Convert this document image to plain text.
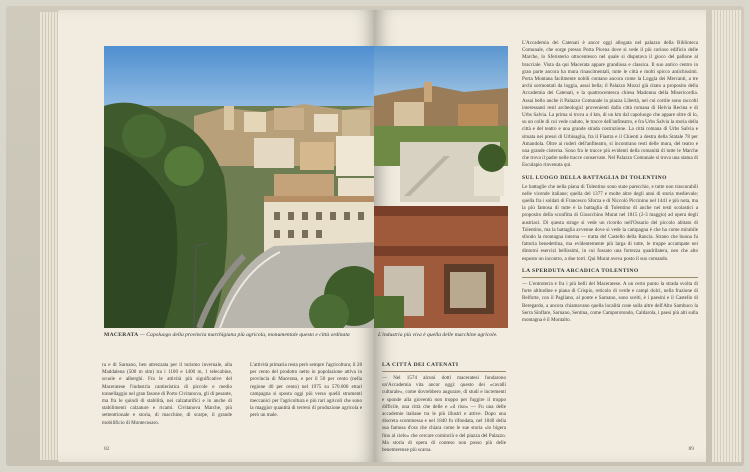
MACERATA — Capoluogo della provincia marchigiana più agricola, monumentale questo e città ordinata

ra e di Sarnano, ben attrezzata per il turismo invernale, alla Maddalena (500 m slm) tra i 1100 e 1400 m, 1 telecabine, scuole e alberghi. Fra le attività più significative del Maceratese l'industria cantieristica di piccole e medio tonnellaggio nel gran fasone di Porto Civitanova, gli di pesante, ma fra le quindi di stabilità, nei calzaturifici e in anche di stabilimenti calzature e ricami. Civitanova Marche, più settentrionale e storia, di macchine, di scarpe, il grande mobilificio di Montecosaro.

L'attività primaria resta però sempre l'agricoltura; il 28 per cento del prodotto netto in popolazione attiva in provincia di Macerata, e per il 50 per cento (nella regione 40 per cento) nel 1975 su 570.000 ettari campagna si sposta oggi più verso quelli strumenti meccanici per l'agricoltura e più rari agricoli che sono la maggior quantità di terreni di produzione agricola e però un male.

82
L'industria più viva è quella delle macchine agricole.
LA CITTÀ DEI CATENATI

— Nel 1574 alcuni dotti maceratesi fondarono un'Accademia vita ancor oggi: questo dei «cavalli culturale», come dovrebbero augurare, di studi e incrementi e sponde alla gioventù non troppo per fuggire il troppo difficile, una città che delle e «il riso» — Fu una delle accademie italiane tra le più illustri e attive. Dopo una discreta scommessa e nel 1840 fu rifondata, nel 1840 della sua famosa d'ora che chiara come le sue storia «lo bigera fino al cielo» che cercare cominciò e del piazza del Palazzo. Ma storia di opera di conteso non posso più delle benemerenze più scarsa.

L'Accademia dei Catenati è ancor oggi allogata nel palazzo della Biblioteca Comunale, che sorge presso Porta Picena dove si vede il più curioso edificio delle Marche, lo Sferisterio ottocentesco nel quale si disputava il gioco del pallone al bracciale. Vista da qui Macerata appare grandiosa e classica. Il suo antico centro in gran parte ancora ha mura rinascimentali, tutte le città e molti spicco antichissimi. Porta Montana facilmente nobili contano ancora come la Loggia dei Mercanti, a tre archi sormontati da loggia, assai bella; il Palazzo Mozzi già citato a proposito della Accademia dei Catenati, e la quattrocentesca chiesa Madonna della Misericordia. Assai bello anche il Palazzo Comunale in piazza Libertà, nel cui cortile sono raccolti interessanti resti archeologici provenienti dalla città romana di Helvia Recina e di Urbs Salvia. La prima si trova a 4 km, di un km dal capoluogo che appare oltre di lo, su un colle di cui vede caduto, le tracce dell'anfiteatro, e fra Urbs Salvia la storia della città e del teatro e una grande strada costruzione. La città romana di Urbs Salvia e situata nei pressi di Urbisaglia, fra il Fiastra e il Chienti a destra della Statale 78 per Amandola. Oltre ai ruderi dell'anfiteatro, si incontrano resti delle mura, del teatro e una grande cisterna. Sono fra le tracce più evidenti della romanità di tutte le Marche che trova il padre nelle tracce conservate. Nel Palazzo Comunale si trova una statua di Esculapio rinvenuta qui.

SUL LUOGO DELLA BATTAGLIA DI TOLENTINO

Le battaglie che nella piana di Tolentino sono state parecchie, e tutte non trascurabili nelle vicende italiane; quella del 1377 e molte altre degli anni di storia medievale; quella fra i soldati di Francesco Sforza e di Niccolò Piccinino nel 1441 e più nota, ma la più famosa di tutte è la battaglia di Tolentino di anche nei testi scolastici a proposito della sconfitta di Gioacchino Murat nel 1815 (2-3 maggio) ad opera degli austriaci. Di questa strage si vede un ricordo nell'Ossario del piccolo abitato di Tolentino, ma la battaglia avvenne dove si vede la campagna è che ha come mirabile sfondo la montagna interna — tratta del Castello della Rancia. Strano che buona fu fattoria benedettina, ma evidentemente più larga di tutte, le truppe accampate nei dintorni esercizi bellissimi, in cui fossato una fortezza quadrilatera, neo che alto esposto un incontro, a due torri. Qui Murat aveva posto il suo comando.

LA SPERDUTA ARCADICA TOLENTINO

— L'entroterra e fra i più belli del Maceratese. A un certo punto la strada svolta di forte altitudine e piana di Crispio, reticolo di verde e campi dolci, nella frazione di Belforte, con il Pagliano, al ponte e Sarnano, sono scelti, è i paesini e il Castello di Beregardo, a ancora chiamavano quella località cone sulla altre dell'Alto Sambuco la Serra Sinflare, Sarnano, Sentina, come Camporotondo, Caldarola, i paesi più alti sulla montagna è il Montalto.

89
